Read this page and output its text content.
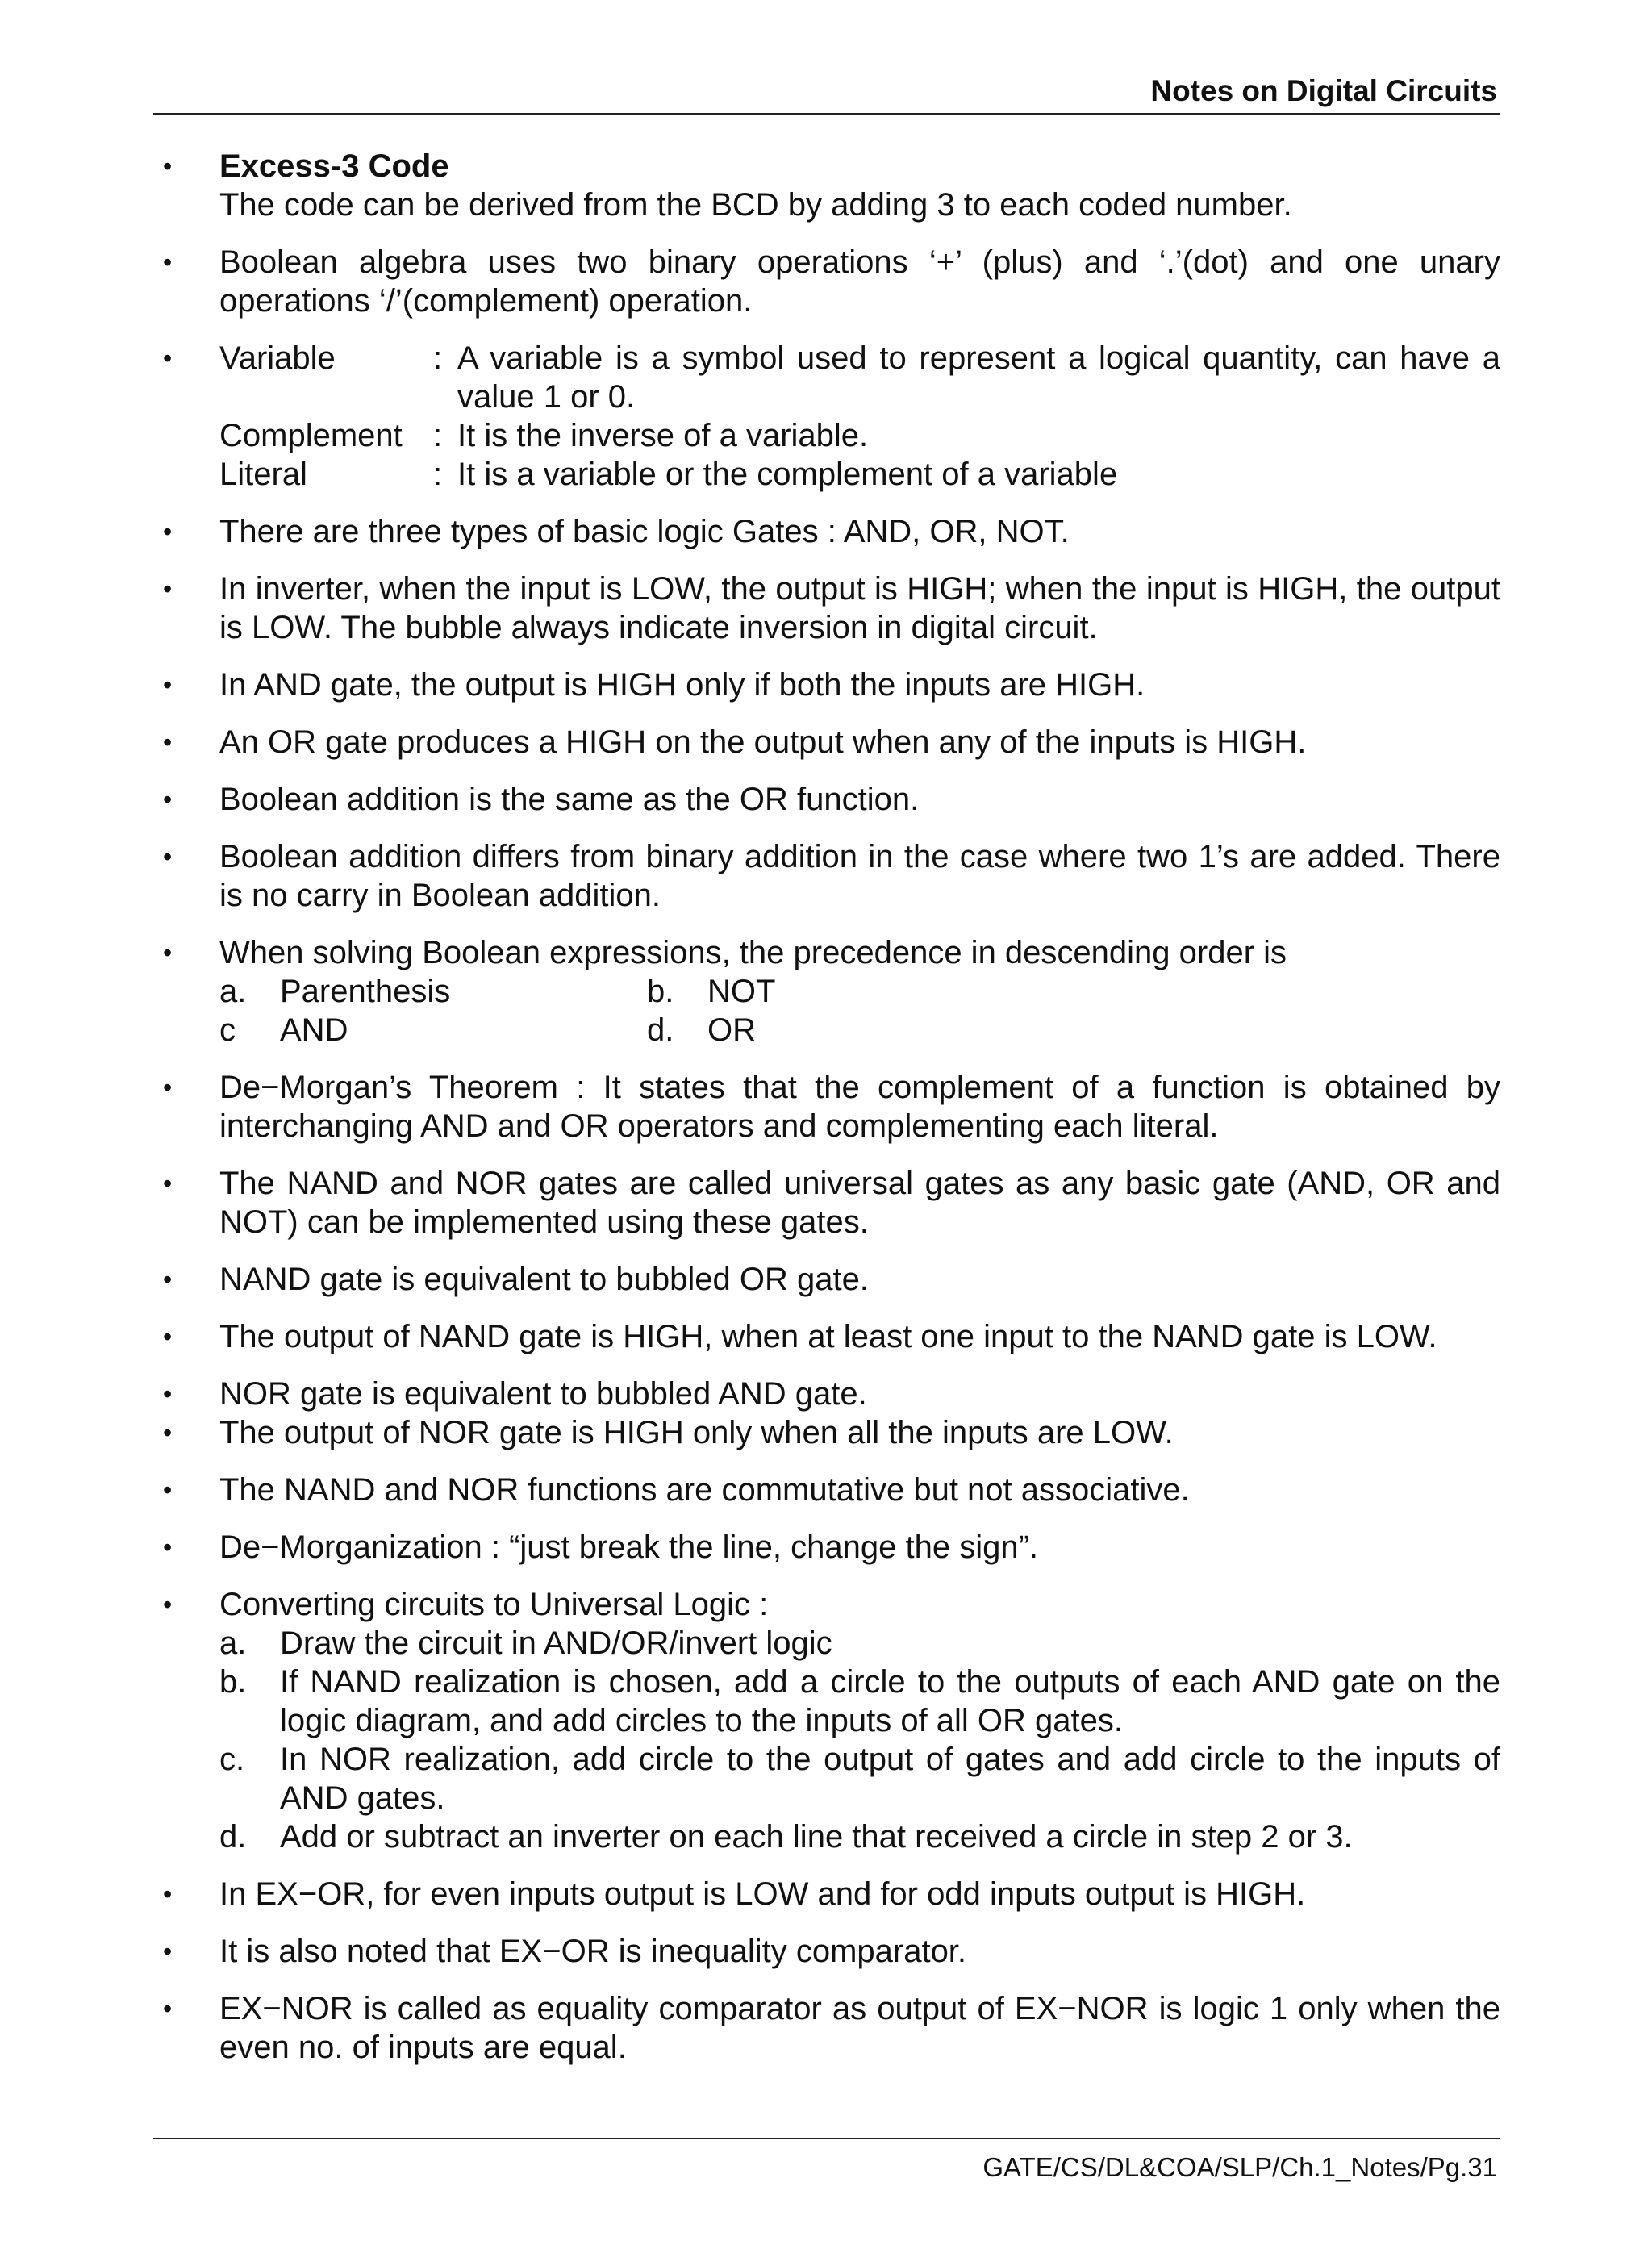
Notes on Digital Circuits
• Excess-3 Code
The code can be derived from the BCD by adding 3 to each coded number.
• Boolean algebra uses two binary operations ‘+’ (plus) and ‘.’(dot) and one unary operations ‘/’(complement) operation.
• Variable	: A variable is a symbol used to represent a logical quantity, can have a value 1 or 0.
Complement : It is the inverse of a variable.
Literal	: It is a variable or the complement of a variable
• There are three types of basic logic Gates : AND, OR, NOT.
• In inverter, when the input is LOW, the output is HIGH; when the input is HIGH, the output is LOW. The bubble always indicate inversion in digital circuit.
• In AND gate, the output is HIGH only if both the inputs are HIGH.
• An OR gate produces a HIGH on the output when any of the inputs is HIGH.
• Boolean addition is the same as the OR function.
• Boolean addition differs from binary addition in the case where two 1’s are added. There is no carry in Boolean addition.
• When solving Boolean expressions, the precedence in descending order is
a.	Parenthesis	b.	NOT
c	AND	d.	OR
• De−Morgan’s Theorem : It states that the complement of a function is obtained by interchanging AND and OR operators and complementing each literal.
• The NAND and NOR gates are called universal gates as any basic gate (AND, OR and NOT) can be implemented using these gates.
• NAND gate is equivalent to bubbled OR gate.
• The output of NAND gate is HIGH, when at least one input to the NAND gate is LOW.
• NOR gate is equivalent to bubbled AND gate.
• The output of NOR gate is HIGH only when all the inputs are LOW.
• The NAND and NOR functions are commutative but not associative.
• De−Morganization : “just break the line, change the sign”.
• Converting circuits to Universal Logic :
a.	Draw the circuit in AND/OR/invert logic
b.	If NAND realization is chosen, add a circle to the outputs of each AND gate on the logic diagram, and add circles to the inputs of all OR gates.
c.	In NOR realization, add circle to the output of gates and add circle to the inputs of AND gates.
d.	Add or subtract an inverter on each line that received a circle in step 2 or 3.
• In EX−OR, for even inputs output is LOW and for odd inputs output is HIGH.
• It is also noted that EX−OR is inequality comparator.
• EX−NOR is called as equality comparator as output of EX−NOR is logic 1 only when the even no. of inputs are equal.
GATE/CS/DL&COA/SLP/Ch.1_Notes/Pg.31
